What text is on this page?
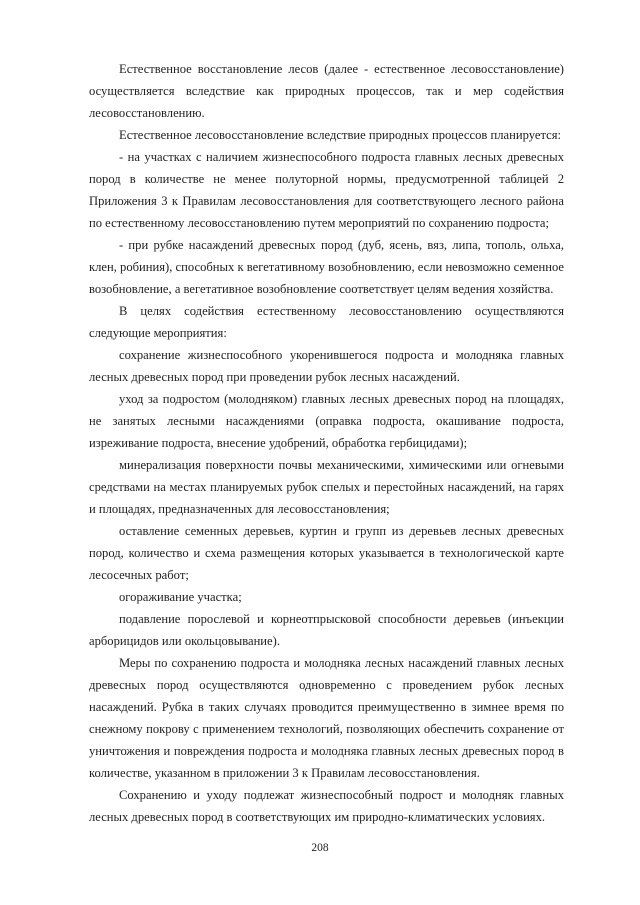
Естественное восстановление лесов (далее - естественное лесовосстановление) осуществляется вследствие как природных процессов, так и мер содействия лесовосстановлению.

Естественное лесовосстановление вследствие природных процессов планируется:

- на участках с наличием жизнеспособного подроста главных лесных древесных пород в количестве не менее полуторной нормы, предусмотренной таблицей 2 Приложения 3 к Правилам лесовосстановления для соответствующего лесного района по естественному лесовосстановлению путем мероприятий по сохранению подроста;

- при рубке насаждений древесных пород (дуб, ясень, вяз, липа, тополь, ольха, клен, робиния), способных к вегетативному возобновлению, если невозможно семенное возобновление, а вегетативное возобновление соответствует целям ведения хозяйства.

В целях содействия естественному лесовосстановлению осуществляются следующие мероприятия:

сохранение жизнеспособного укоренившегося подроста и молодняка главных лесных древесных пород при проведении рубок лесных насаждений.

уход за подростом (молодняком) главных лесных древесных пород на площадях, не занятых лесными насаждениями (оправка подроста, окашивание подроста, изреживание подроста, внесение удобрений, обработка гербицидами);

минерализация поверхности почвы механическими, химическими или огневыми средствами на местах планируемых рубок спелых и перестойных насаждений, на гарях и площадях, предназначенных для лесовосстановления;

оставление семенных деревьев, куртин и групп из деревьев лесных древесных пород, количество и схема размещения которых указывается в технологической карте лесосечных работ;

огораживание участка;

подавление порослевой и корнеотпрысковой способности деревьев (инъекции арборицидов или окольцовывание).

Меры по сохранению подроста и молодняка лесных насаждений главных лесных древесных пород осуществляются одновременно с проведением рубок лесных насаждений. Рубка в таких случаях проводится преимущественно в зимнее время по снежному покрову с применением технологий, позволяющих обеспечить сохранение от уничтожения и повреждения подроста и молодняка главных лесных древесных пород в количестве, указанном в приложении 3 к Правилам лесовосстановления.

Сохранению и уходу подлежат жизнеспособный подрост и молодняк главных лесных древесных пород в соответствующих им природно-климатических условиях.

208
